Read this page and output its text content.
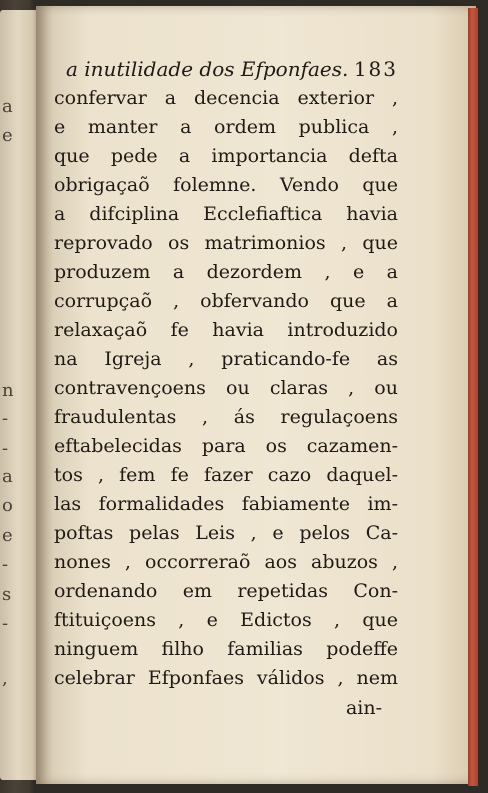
a
e
n
-
-
a
o
e
-
s
-
,
a inutilidade dos Efponfaes. 183
confervar a decencia exterior ,
e manter a ordem publica ,
que pede a importancia defta
obrigaçaõ folemne. Vendo que
a difciplina Ecclefiaftica havia
reprovado os matrimonios , que
produzem a dezordem , e a
corrupçaõ , obfervando que a
relaxaçaõ fe havia introduzido
na Igreja , praticando-fe as
contravençoens ou claras , ou
fraudulentas , ás regulaçoens
eftabelecidas para os cazamen-
tos , fem fe fazer cazo daquel-
las formalidades fabiamente im-
poftas pelas Leis , e pelos Ca-
nones , occorreraõ aos abuzos ,
ordenando em repetidas Con-
ftituiçoens , e Edictos , que
ninguem filho familias podeffe
celebrar Efponfaes válidos , nem
ain-
